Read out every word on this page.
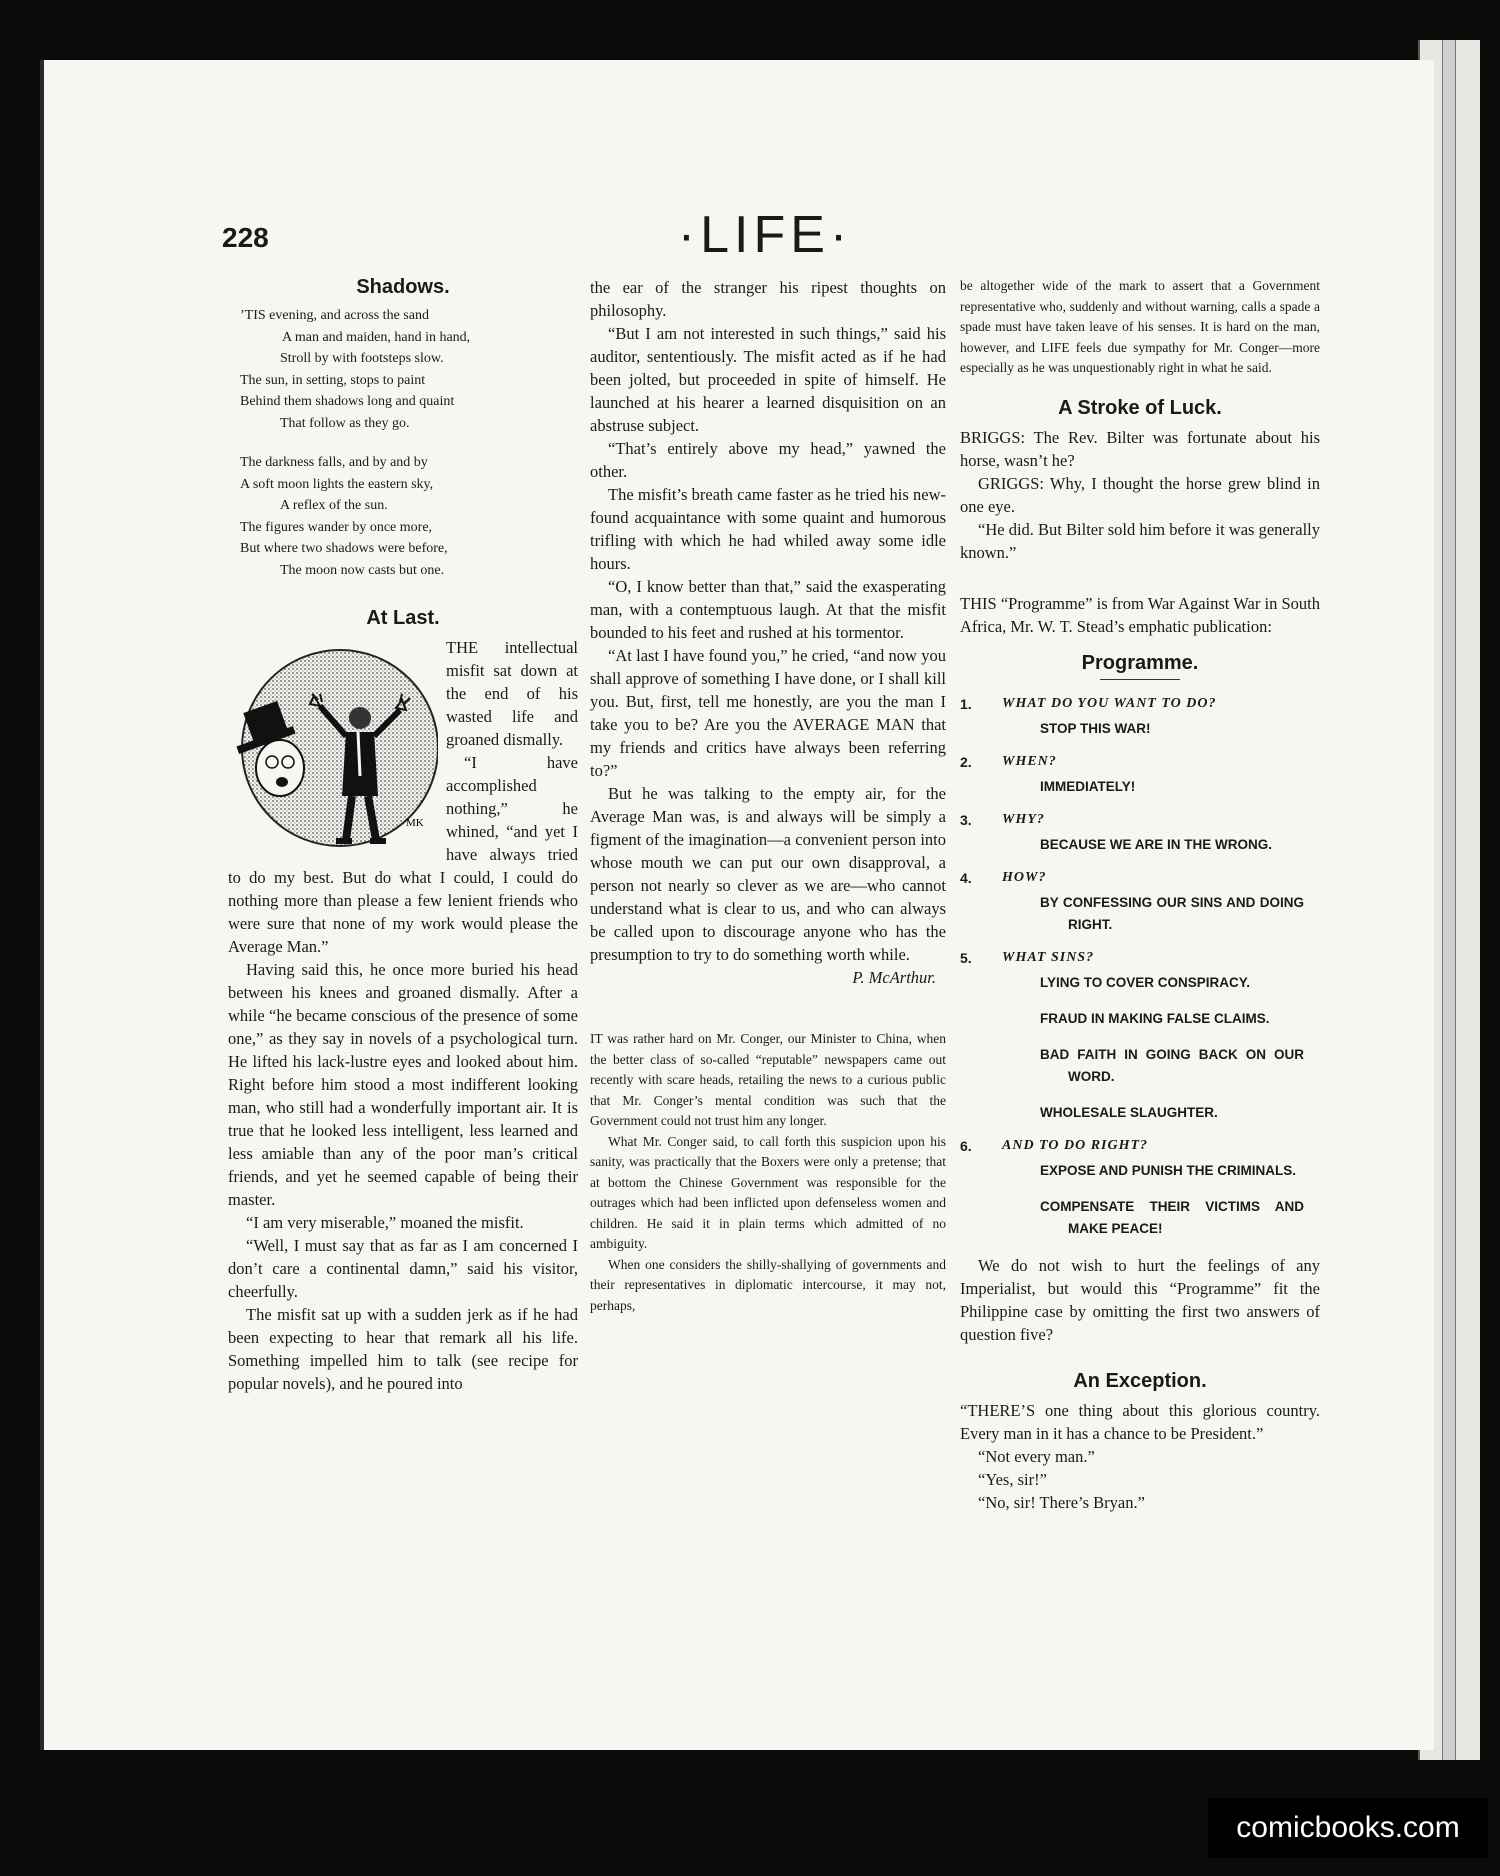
228	·LIFE·
Shadows.
’TIS evening, and across the sand
A man and maiden, hand in hand,
Stroll by with footsteps slow.
The sun, in setting, stops to paint
Behind them shadows long and quaint
That follow as they go.
The darkness falls, and by and by
A soft moon lights the eastern sky,
A reflex of the sun.
The figures wander by once more,
But where two shadows were before,
The moon now casts but one.
At Last.
MK

THE intellectual misfit sat down at the end of his wasted life and groaned dismally.

“I have accomplished nothing,” he whined, “and yet I have always tried to do my best. But do what I could, I could do nothing more than please a few lenient friends who were sure that none of my work would please the Average Man.”

Having said this, he once more buried his head between his knees and groaned dismally. After a while “he became conscious of the presence of some one,” as they say in novels of a psychological turn. He lifted his lack-lustre eyes and looked about him. Right before him stood a most indifferent looking man, who still had a wonderfully important air. It is true that he looked less intelligent, less learned and less amiable than any of the poor man’s critical friends, and yet he seemed capable of being their master.

“I am very miserable,” moaned the misfit.

“Well, I must say that as far as I am concerned I don’t care a continental damn,” said his visitor, cheerfully.

The misfit sat up with a sudden jerk as if he had been expecting to hear that remark all his life. Something impelled him to talk (see recipe for popular novels), and he poured into

the ear of the stranger his ripest thoughts on philosophy.

“But I am not interested in such things,” said his auditor, sententiously. The misfit acted as if he had been jolted, but proceeded in spite of himself. He launched at his hearer a learned disquisition on an abstruse subject.

“That’s entirely above my head,” yawned the other.

The misfit’s breath came faster as he tried his new-found acquaintance with some quaint and humorous trifling with which he had whiled away some idle hours.

“O, I know better than that,” said the exasperating man, with a contemptuous laugh. At that the misfit bounded to his feet and rushed at his tormentor.

“At last I have found you,” he cried, “and now you shall approve of something I have done, or I shall kill you. But, first, tell me honestly, are you the man I take you to be? Are you the AVERAGE MAN that my friends and critics have always been referring to?”

But he was talking to the empty air, for the Average Man was, is and always will be simply a figment of the imagination—a convenient person into whose mouth we can put our own disapproval, a person not nearly so clever as we are—who cannot understand what is clear to us, and who can always be called upon to discourage anyone who has the presumption to try to do something worth while.

P. McArthur.

IT was rather hard on Mr. Conger, our Minister to China, when the better class of so-called “reputable” newspapers came out recently with scare heads, retailing the news to a curious public that Mr. Conger’s mental condition was such that the Government could not trust him any longer.

What Mr. Conger said, to call forth this suspicion upon his sanity, was practically that the Boxers were only a pretense; that at bottom the Chinese Government was responsible for the outrages which had been inflicted upon defenseless women and children. He said it in plain terms which admitted of no ambiguity.

When one considers the shilly-shallying of governments and their representatives in diplomatic intercourse, it may not, perhaps,

be altogether wide of the mark to assert that a Government representative who, suddenly and without warning, calls a spade a spade must have taken leave of his senses. It is hard on the man, however, and LIFE feels due sympathy for Mr. Conger—more especially as he was unquestionably right in what he said.

A Stroke of Luck.

BRIGGS: The Rev. Bilter was fortunate about his horse, wasn’t he?

GRIGGS: Why, I thought the horse grew blind in one eye.

“He did. But Bilter sold him before it was generally known.”

THIS “Programme” is from War Against War in South Africa, Mr. W. T. Stead’s emphatic publication:

Programme.
1.	WHAT DO YOU WANT TO DO?
STOP THIS WAR!
2.	WHEN?
IMMEDIATELY!
3.	WHY?
BECAUSE WE ARE IN THE WRONG.
4.	HOW?
BY CONFESSING OUR SINS AND DOING RIGHT.
5.	WHAT SINS?
LYING TO COVER CONSPIRACY.
FRAUD IN MAKING FALSE CLAIMS.
BAD FAITH IN GOING BACK ON OUR WORD.
WHOLESALE SLAUGHTER.
6.	AND TO DO RIGHT?
EXPOSE AND PUNISH THE CRIMINALS.
COMPENSATE THEIR VICTIMS AND MAKE PEACE!

We do not wish to hurt the feelings of any Imperialist, but would this “Programme” fit the Philippine case by omitting the first two answers of question five?

An Exception.

“THERE’S one thing about this glorious country. Every man in it has a chance to be President.”

“Not every man.”

“Yes, sir!”

“No, sir! There’s Bryan.”

comicbooks.com
